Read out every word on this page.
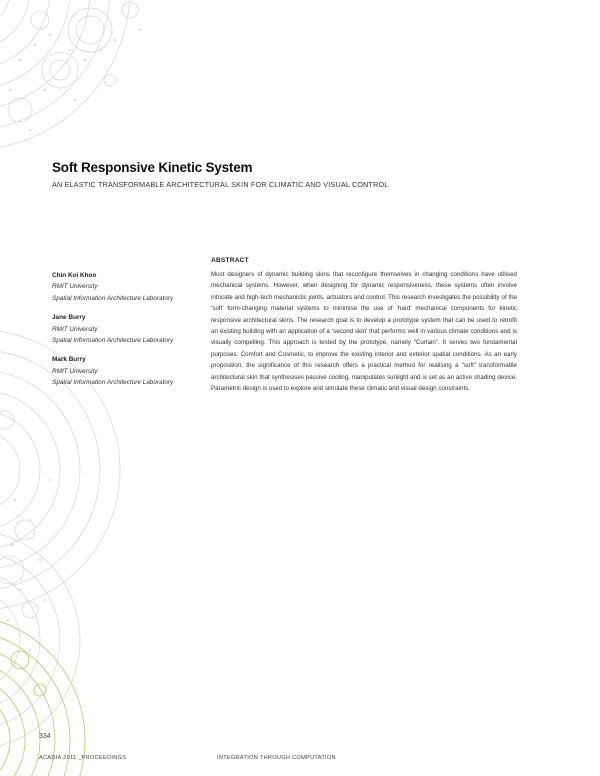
Soft Responsive Kinetic System
AN ELASTIC TRANSFORMABLE ARCHITECTURAL SKIN FOR CLIMATIC AND VISUAL CONTROL
Chin Koi Khoo
RMIT University
Spatial Information Architecture Laboratory
Jane Burry
RMIT University
Spatial Information Architecture Laboratory
Mark Burry
RMIT University
Spatial Information Architecture Laboratory
ABSTRACT
Most designers of dynamic building skins that reconfigure themselves in changing conditions have utilised mechanical systems. However, when designing for dynamic responsiveness, these systems often involve intricate and high-tech mechanistic joints, actuators and control. This research investigates the possibility of the ‘soft’ form-changing material systems to minimise the use of ‘hard’ mechanical components for kinetic responsive architectural skins. The research goal is to develop a prototype system that can be used to retrofit an existing building with an application of a ‘second skin’ that performs well in various climate conditions and is visually compelling. This approach is tested by the prototype, namely “Curtain”. It serves two fundamental purposes: Comfort and Cosmetic, to improve the existing interior and exterior spatial conditions. As an early proposition, the significance of this research offers a practical method for realising a “soft” transformable architectural skin that synthesises passive cooling, manipulates sunlight and is set as an active shading device. Parametric design is used to explore and simulate these climatic and visual design constraints.
334
ACADIA 2011 _PROCEEDINGS	INTEGRATION THROUGH COMPUTATION
